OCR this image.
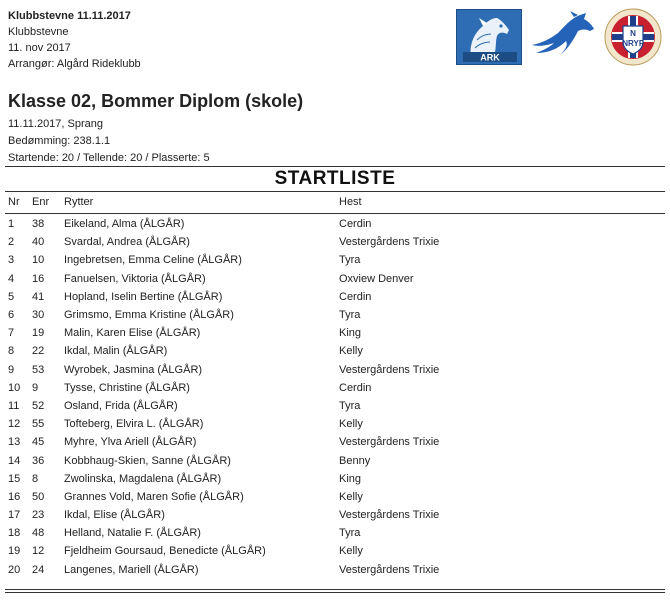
Klubbstevne 11.11.2017
Klubbstevne
11. nov 2017
Arrangør: Algård Rideklubb
ARK
N
NRYF
Klasse 02, Bommer Diplom (skole)
11.11.2017, Sprang
Bedømming: 238.1.1
Startende: 20 / Tellende: 20 / Plasserte: 5
STARTLISTE
Nr	Enr	Rytter	Hest
1	38	Eikeland, Alma (ÅLGÅR)	Cerdin
2	40	Svardal, Andrea (ÅLGÅR)	Vestergårdens Trixie
3	10	Ingebretsen, Emma Celine (ÅLGÅR)	Tyra
4	16	Fanuelsen, Viktoria (ÅLGÅR)	Oxview Denver
5	41	Hopland, Iselin Bertine (ÅLGÅR)	Cerdin
6	30	Grimsmo, Emma Kristine (ÅLGÅR)	Tyra
7	19	Malin, Karen Elise (ÅLGÅR)	King
8	22	Ikdal, Malin (ÅLGÅR)	Kelly
9	53	Wyrobek, Jasmina (ÅLGÅR)	Vestergårdens Trixie
10	9	Tysse, Christine (ÅLGÅR)	Cerdin
11	52	Osland, Frida (ÅLGÅR)	Tyra
12	55	Tofteberg, Elvira L. (ÅLGÅR)	Kelly
13	45	Myhre, Ylva Ariell (ÅLGÅR)	Vestergårdens Trixie
14	36	Kobbhaug-Skien, Sanne (ÅLGÅR)	Benny
15	8	Zwolinska, Magdalena (ÅLGÅR)	King
16	50	Grannes Vold, Maren Sofie (ÅLGÅR)	Kelly
17	23	Ikdal, Elise (ÅLGÅR)	Vestergårdens Trixie
18	48	Helland, Natalie F. (ÅLGÅR)	Tyra
19	12	Fjeldheim Goursaud, Benedicte (ÅLGÅR)	Kelly
20	24	Langenes, Mariell (ÅLGÅR)	Vestergårdens Trixie
